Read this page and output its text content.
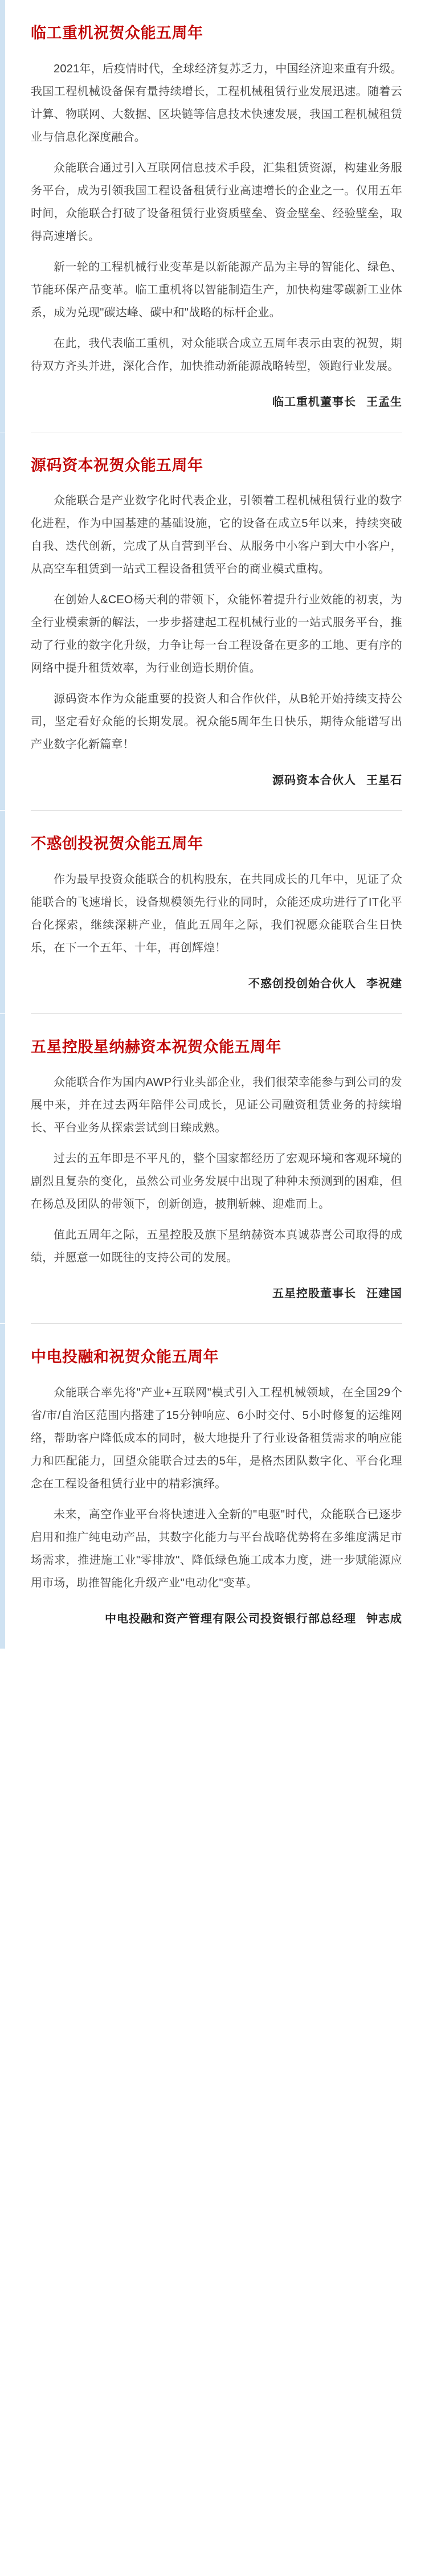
临工重机祝贺众能五周年

2021年，后疫情时代，全球经济复苏乏力，中国经济迎来重有升级。我国工程机械设备保有量持续增长，工程机械租赁行业发展迅速。随着云计算、物联网、大数据、区块链等信息技术快速发展，我国工程机械租赁业与信息化深度融合。

众能联合通过引入互联网信息技术手段，汇集租赁资源，构建业务服务平台，成为引领我国工程设备租赁行业高速增长的企业之一。仅用五年时间，众能联合打破了设备租赁行业资质壁垒、资金壁垒、经验壁垒，取得高速增长。

新一轮的工程机械行业变革是以新能源产品为主导的智能化、绿色、节能环保产品变革。临工重机将以智能制造生产，加快构建零碳新工业体系，成为兑现"碳达峰、碳中和"战略的标杆企业。

在此，我代表临工重机，对众能联合成立五周年表示由衷的祝贺，期待双方齐头并进，深化合作，加快推动新能源战略转型，领跑行业发展。

临工重机董事长 王孟生
源码资本祝贺众能五周年

众能联合是产业数字化时代表企业，引领着工程机械租赁行业的数字化进程，作为中国基建的基础设施，它的设备在成立5年以来，持续突破自我、迭代创新，完成了从自营到平台、从服务中小客户到大中小客户，从高空车租赁到一站式工程设备租赁平台的商业模式重构。

在创始人&CEO杨天利的带领下，众能怀着提升行业效能的初衷，为全行业模索新的解法，一步步搭建起工程机械行业的一站式服务平台，推动了行业的数字化升级，力争让每一台工程设备在更多的工地、更有序的网络中提升租赁效率，为行业创造长期价值。

源码资本作为众能重要的投资人和合作伙伴，从B轮开始持续支持公司，坚定看好众能的长期发展。祝众能5周年生日快乐，期待众能谱写出产业数字化新篇章！

源码资本合伙人 王星石
不惑创投祝贺众能五周年

作为最早投资众能联合的机构股东，在共同成长的几年中，见证了众能联合的飞速增长，设备规模领先行业的同时，众能还成功进行了IT化平台化探索，继续深耕产业，值此五周年之际，我们祝愿众能联合生日快乐，在下一个五年、十年，再创辉煌！

不惑创投创始合伙人 李祝建
五星控股星纳赫资本祝贺众能五周年

众能联合作为国内AWP行业头部企业，我们很荣幸能参与到公司的发展中来，并在过去两年陪伴公司成长，见证公司融资租赁业务的持续增长、平台业务从探索尝试到日臻成熟。

过去的五年即是不平凡的，整个国家都经历了宏观环境和客观环境的剧烈且复杂的变化，虽然公司业务发展中出现了种种未预测到的困难，但在杨总及团队的带领下，创新创造，披荆斩棘、迎难而上。

值此五周年之际，五星控股及旗下星纳赫资本真诚恭喜公司取得的成绩，并愿意一如既往的支持公司的发展。

五星控股董事长 汪建国
中电投融和祝贺众能五周年

众能联合率先将"产业+互联网"模式引入工程机械领域，在全国29个省/市/自治区范围内搭建了15分钟响应、6小时交付、5小时修复的运维网络，帮助客户降低成本的同时，极大地提升了行业设备租赁需求的响应能力和匹配能力，回望众能联合过去的5年，是格杰团队数字化、平台化理念在工程设备租赁行业中的精彩演绎。

未来，高空作业平台将快速进入全新的"电驱"时代，众能联合已逐步启用和推广纯电动产品，其数字化能力与平台战略优势将在多维度满足市场需求，推进施工业"零排放"、降低绿色施工成本力度，进一步赋能源应用市场，助推智能化升级产业"电动化"变革。

中电投融和资产管理有限公司投资银行部总经理 钟志成
